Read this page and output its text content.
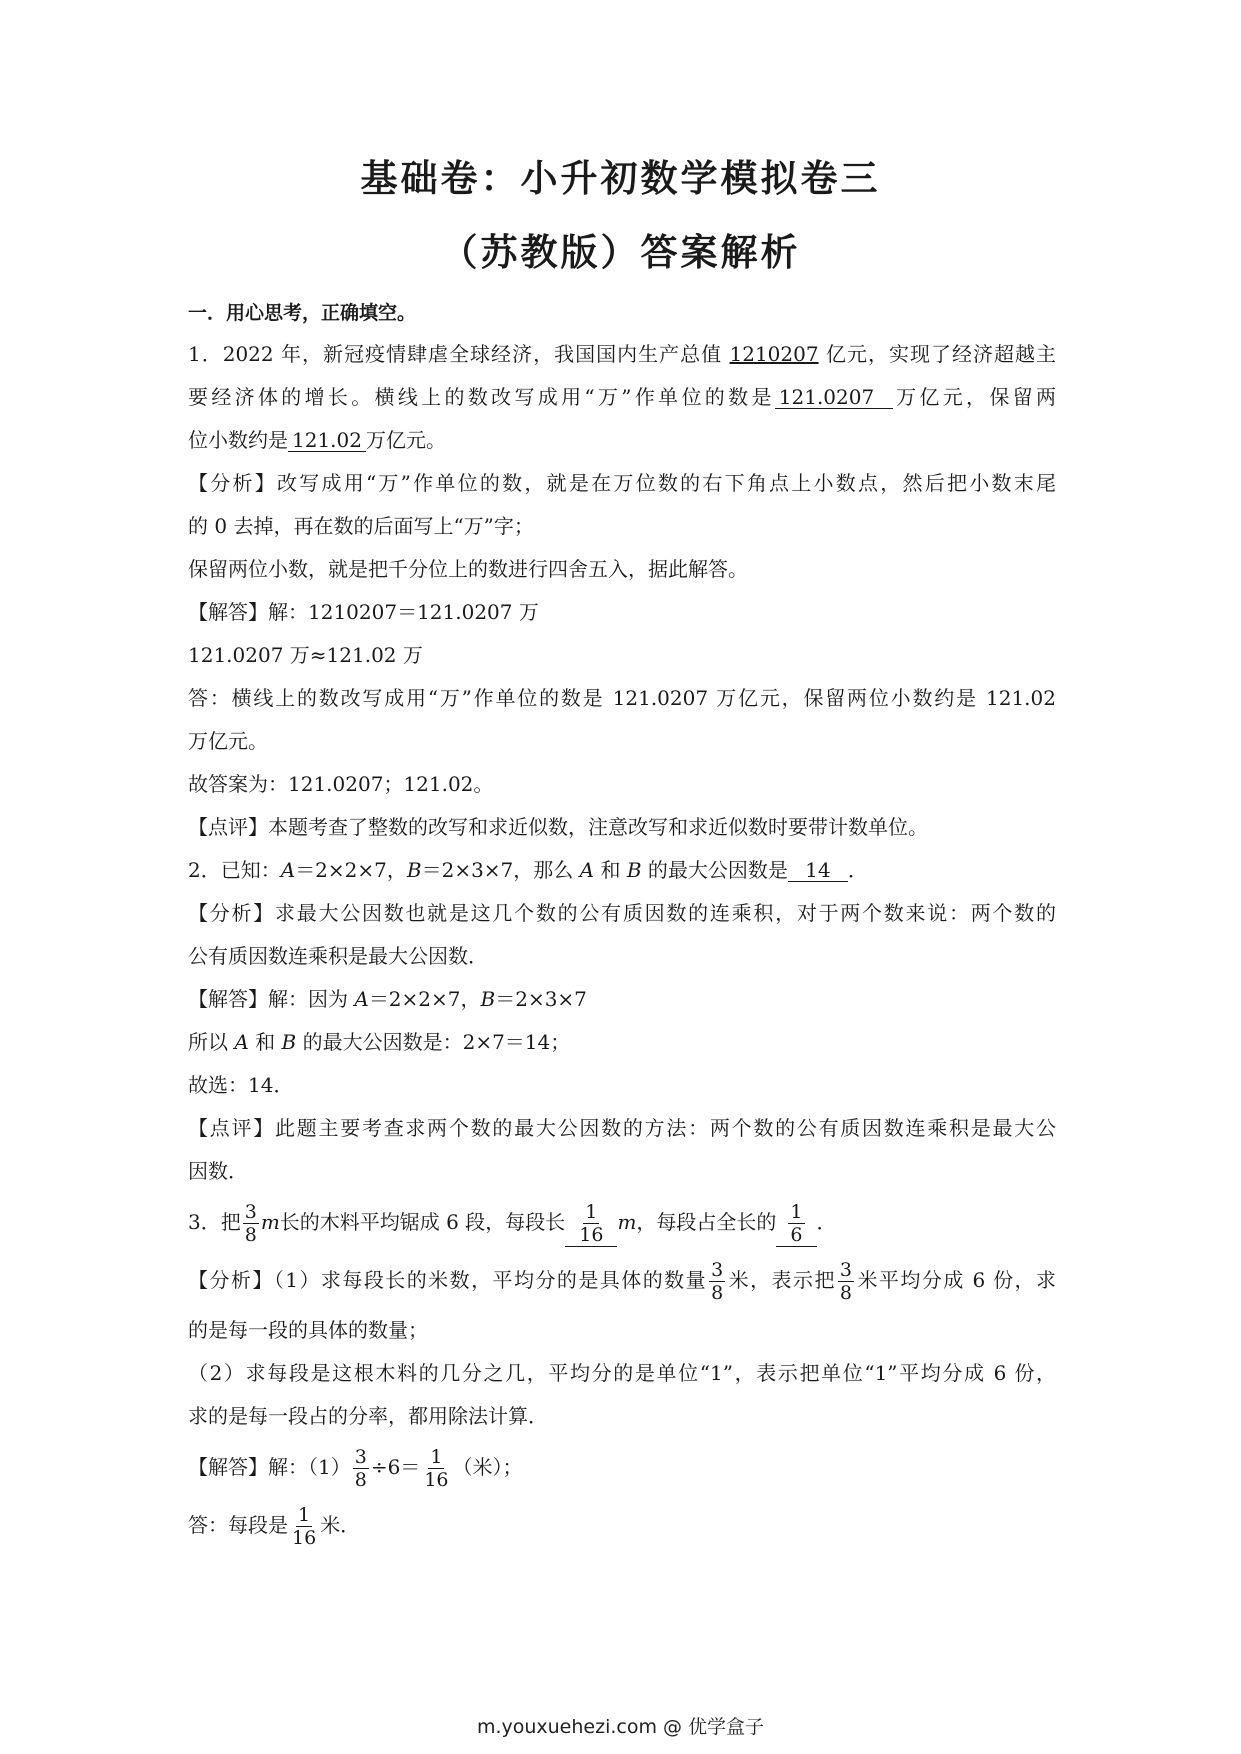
基础卷：小升初数学模拟卷三
（苏教版）答案解析
一．用心思考，正确填空。
1．2022 年，新冠疫情肆虐全球经济，我国国内生产总值 1210207 亿元，实现了经济超越主
要经济体的增长。横线上的数改写成用“万”作单位的数是 121.0207 万亿元，保留两
位小数约是 121.02 万亿元。
【分析】改写成用“万”作单位的数，就是在万位数的右下角点上小数点，然后把小数末尾
的 0 去掉，再在数的后面写上“万”字；
保留两位小数，就是把千分位上的数进行四舍五入，据此解答。
【解答】解：1210207＝121.0207 万
121.0207 万≈121.02 万
答：横线上的数改写成用“万”作单位的数是 121.0207 万亿元，保留两位小数约是 121.02
万亿元。
故答案为：121.0207；121.02。
【点评】本题考查了整数的改写和求近似数，注意改写和求近似数时要带计数单位。
2．已知：A＝2×2×7，B＝2×3×7，那么 A 和 B 的最大公因数是 14 ．
【分析】求最大公因数也就是这几个数的公有质因数的连乘积，对于两个数来说：两个数的
公有质因数连乘积是最大公因数．
【解答】解：因为 A＝2×2×7，B＝2×3×7
所以 A 和 B 的最大公因数是：2×7＝14；
故选：14．
【点评】此题主要考查求两个数的最大公因数的方法：两个数的公有质因数连乘积是最大公
因数．
3．把 $\frac{3}{8}$ m长的木料平均锯成 6 段，每段长 $\frac{1}{16}$ m，每段占全长的 $\frac{1}{6}$ ．
【分析】（1）求每段长的米数，平均分的是具体的数量 $\frac{3}{8}$ 米，表示把 $\frac{3}{8}$ 米平均分成 6 份，求
的是每一段的具体的数量；
（2）求每段是这根木料的几分之几，平均分的是单位“1”，表示把单位“1”平均分成 6 份，
求的是每一段占的分率，都用除法计算．
【解答】解：$(1) \frac{3}{8} \div 6= \frac{1}{16}$ （米）；
答：每段是 $\frac{1}{16}$ 米．
m.youxuehezi.com @ 优学盒子
